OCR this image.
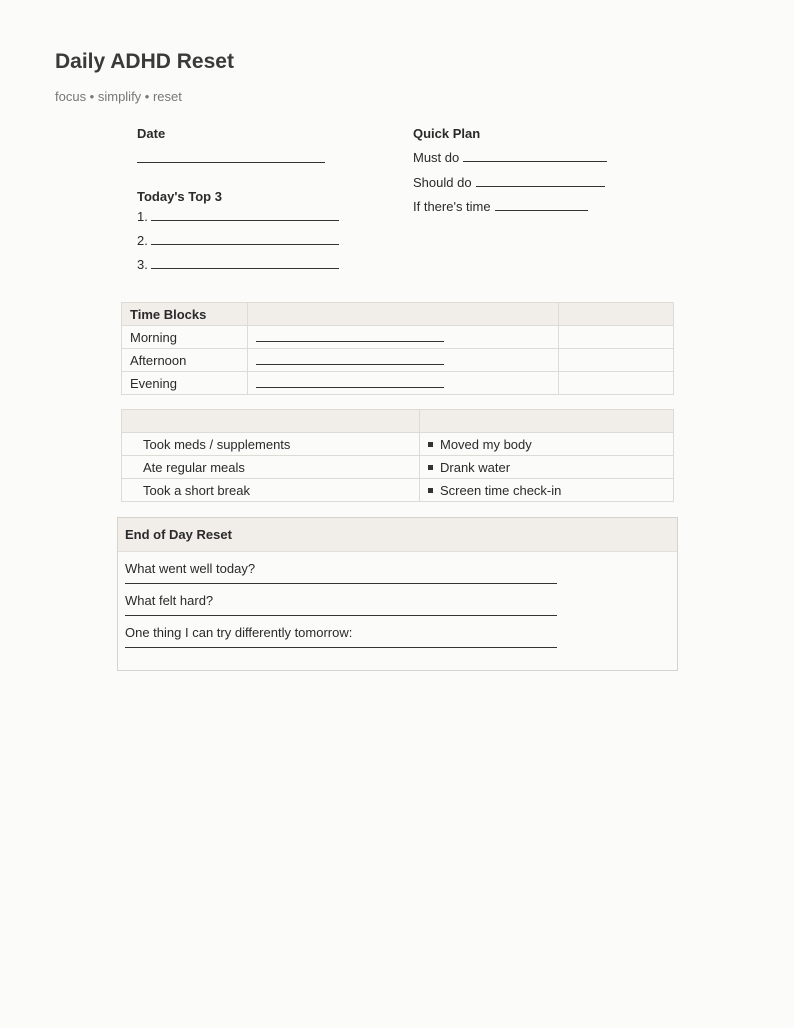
Daily ADHD Reset
focus • simplify • reset
Date
Today's Top 3
1.
2.
3.
Quick Plan
Must do
Should do
If there's time
Time Blocks		
Morning		
Afternoon		
Evening		

Took meds / supplements	Moved my body
Ate regular meals	Drank water
Took a short break	Screen time check-in
End of Day Reset
What went well today?
What felt hard?
One thing I can try differently tomorrow:
